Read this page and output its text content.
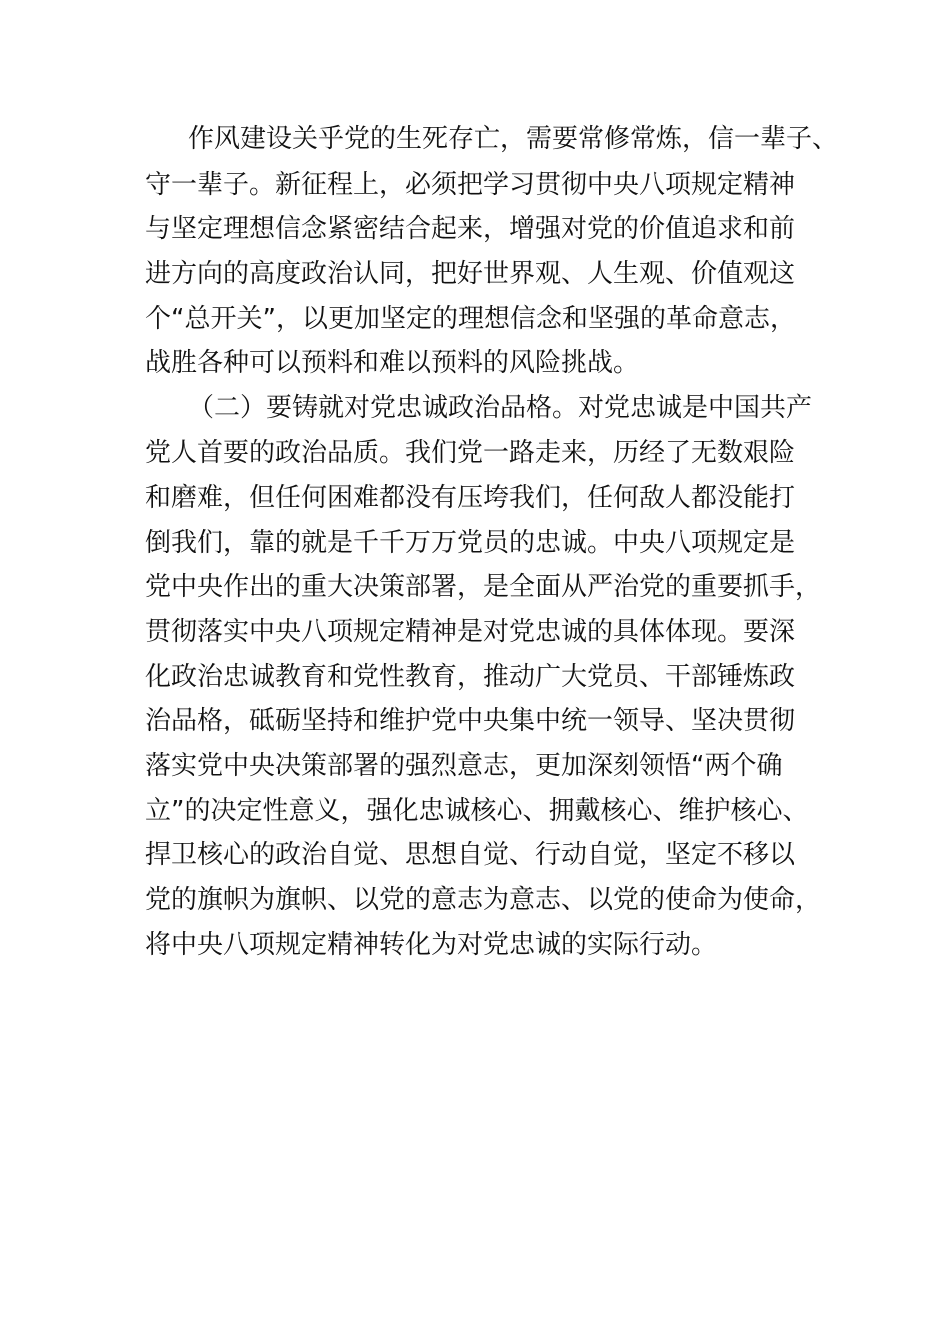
作风建设关乎党的生死存亡，需要常修常炼，信一辈子、
守一辈子。新征程上，必须把学习贯彻中央八项规定精神
与坚定理想信念紧密结合起来，增强对党的价值追求和前
进方向的高度政治认同，把好世界观、人生观、价值观这
个“总开关”，以更加坚定的理想信念和坚强的革命意志，
战胜各种可以预料和难以预料的风险挑战。
（二）要铸就对党忠诚政治品格。对党忠诚是中国共产
党人首要的政治品质。我们党一路走来，历经了无数艰险
和磨难，但任何困难都没有压垮我们，任何敌人都没能打
倒我们，靠的就是千千万万党员的忠诚。中央八项规定是
党中央作出的重大决策部署，是全面从严治党的重要抓手，
贯彻落实中央八项规定精神是对党忠诚的具体体现。要深
化政治忠诚教育和党性教育，推动广大党员、干部锤炼政
治品格，砥砺坚持和维护党中央集中统一领导、坚决贯彻
落实党中央决策部署的强烈意志，更加深刻领悟“两个确
立”的决定性意义，强化忠诚核心、拥戴核心、维护核心、
捍卫核心的政治自觉、思想自觉、行动自觉，坚定不移以
党的旗帜为旗帜、以党的意志为意志、以党的使命为使命，
将中央八项规定精神转化为对党忠诚的实际行动。
